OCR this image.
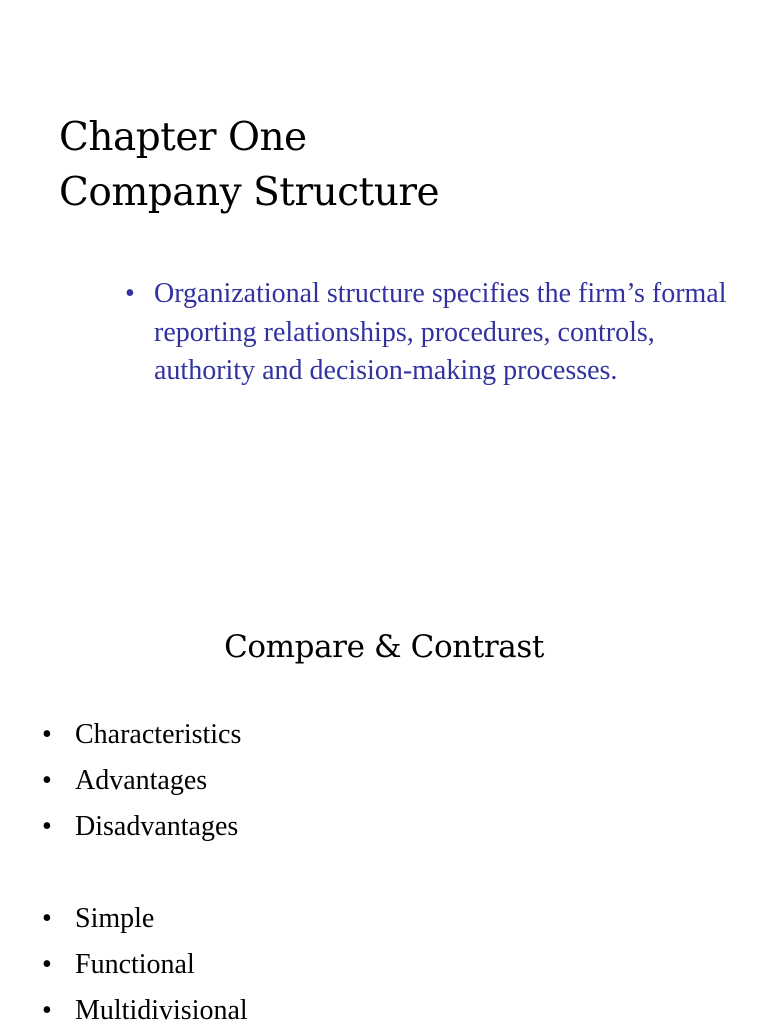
Chapter One
Company Structure
• Organizational structure specifies the firm’s formal reporting relationships, procedures, controls, authority and decision-making processes.
Compare & Contrast
• Characteristics
• Advantages
• Disadvantages
• Simple
• Functional
• Multidivisional
